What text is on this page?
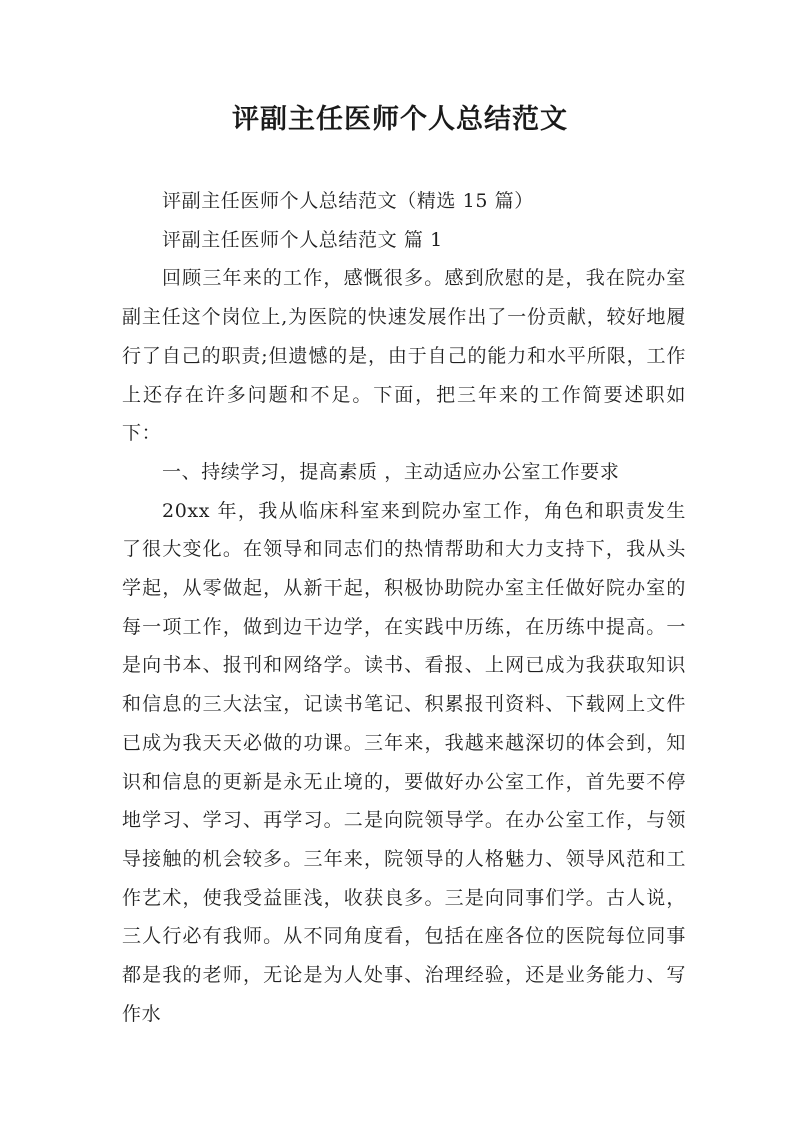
评副主任医师个人总结范文

评副主任医师个人总结范文（精选 15 篇）

评副主任医师个人总结范文 篇 1

回顾三年来的工作，感慨很多。感到欣慰的是，我在院办室副主任这个岗位上,为医院的快速发展作出了一份贡献，较好地履行了自己的职责;但遗憾的是，由于自己的能力和水平所限，工作上还存在许多问题和不足。下面，把三年来的工作简要述职如下：

一、持续学习，提高素质 ，主动适应办公室工作要求

20xx 年，我从临床科室来到院办室工作，角色和职责发生了很大变化。在领导和同志们的热情帮助和大力支持下，我从头学起，从零做起，从新干起，积极协助院办室主任做好院办室的每一项工作，做到边干边学，在实践中历练，在历练中提高。一是向书本、报刊和网络学。读书、看报、上网已成为我获取知识和信息的三大法宝，记读书笔记、积累报刊资料、下载网上文件已成为我天天必做的功课。三年来，我越来越深切的体会到，知识和信息的更新是永无止境的，要做好办公室工作，首先要不停地学习、学习、再学习。二是向院领导学。在办公室工作，与领导接触的机会较多。三年来，院领导的人格魅力、领导风范和工作艺术，使我受益匪浅，收获良多。三是向同事们学。古人说，三人行必有我师。从不同角度看，包括在座各位的医院每位同事都是我的老师，无论是为人处事、治理经验，还是业务能力、写作水
